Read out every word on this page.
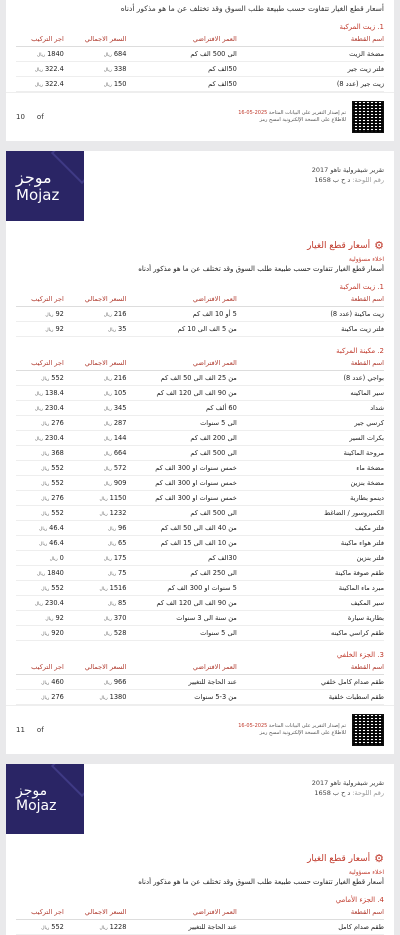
أسعار قطع الغيار تتفاوت حسب طبيعة طلب السوق وقد تختلف عن ما هو مذكور أدناه
1. زيت المركبة
اسم القطعة	العمر الافتراضي	السعر الاجمالي	اجر التركيب
مضخة الزيت	الى 500 الف كم	684ريال	1840ريال
فلتر زيت جير	50الف كم	338ريال	322.4ريال
زيت جير (عدد 8)	50الف كم	150ريال	322.4ريال
10 of	تم إصدار التقرير على البيانات المتاحة 2025-05-16
للاطلاع على النسخة الإلكترونية امسح رمز
موجز
Mojaz
تقرير شيفرولية تاهو 2017
رقم اللوحة: د ح ب 1658
⚙
أسعار قطع الغيار
اخلاء مسؤولية
أسعار قطع الغيار تتفاوت حسب طبيعة طلب السوق وقد تختلف عن ما هو مذكور أدناه
1. زيت المركبة
اسم القطعة	العمر الافتراضي	السعر الاجمالي	اجر التركيب
زيت ماكينة (عدد 8)	5 أو 10 الف كم	216ريال	92ريال
فلتر زيت ماكينة	من 5 الف الى 10 كم	35ريال	92ريال
2. مكينة المركبة
اسم القطعة	العمر الافتراضي	السعر الاجمالي	اجر التركيب
بواجي (عدد 8)	من 25 الف الى 50 الف كم	216ريال	552ريال
سير الماكينه	من 90 الف الى 120 الف كم	105ريال	138.4ريال
شداد	60 ألف كم	345ريال	230.4ريال
كرسي جير	الى 5 سنوات	287ريال	276ريال
بكرات السير	الى 200 الف كم	144ريال	230.4ريال
مروحة الماكينة	الى 500 الف كم	664ريال	368ريال
مضخة ماء	خمس سنوات او 300 الف كم	572ريال	552ريال
مضخة بنزين	خمس سنوات او 300 الف كم	909ريال	552ريال
دينمو بطارية	خمس سنوات او 300 الف كم	1150ريال	276ريال
الكمبروسور / الضاغط	الى 500 الف كم	1232ريال	552ريال
فلتر مكيف	من 40 الف الى 50 الف كم	96ريال	46.4ريال
فلتر هواء ماكينة	من 10 الف الى 15 الف كم	65ريال	46.4ريال
فلتر بنزين	30الف كم	175ريال	0ريال
طقم صوفة ماكينة	الى 250 الف كم	75ريال	1840ريال
مبرد ماء الماكينة	5 سنوات او 300 الف كم	1516ريال	552ريال
سير المكيف	من 90 الف الى 120 الف كم	85ريال	230.4ريال
بطارية سيارة	من سنة الى 3 سنوات	370ريال	92ريال
طقم كراسي ماكينه	الى 5 سنوات	528ريال	920ريال
3. الجزء الخلفي
اسم القطعة	العمر الافتراضي	السعر الاجمالي	اجر التركيب
طقم صدام كامل خلفي	عند الحاجة للتغيير	966ريال	460ريال
طقم اسطبات خلفية	من 3-5 سنوات	1380ريال	276ريال
11 of	تم إصدار التقرير على البيانات المتاحة 2025-05-16
للاطلاع على النسخة الإلكترونية امسح رمز
موجز
Mojaz
تقرير شيفرولية تاهو 2017
رقم اللوحة: د ح ب 1658
⚙
أسعار قطع الغيار
اخلاء مسؤولية
أسعار قطع الغيار تتفاوت حسب طبيعة طلب السوق وقد تختلف عن ما هو مذكور أدناه
4. الجزء الأمامي
اسم القطعة	العمر الافتراضي	السعر الاجمالي	اجر التركيب
طقم صدام كامل	عند الحاجة للتغيير	1228ريال	552ريال
